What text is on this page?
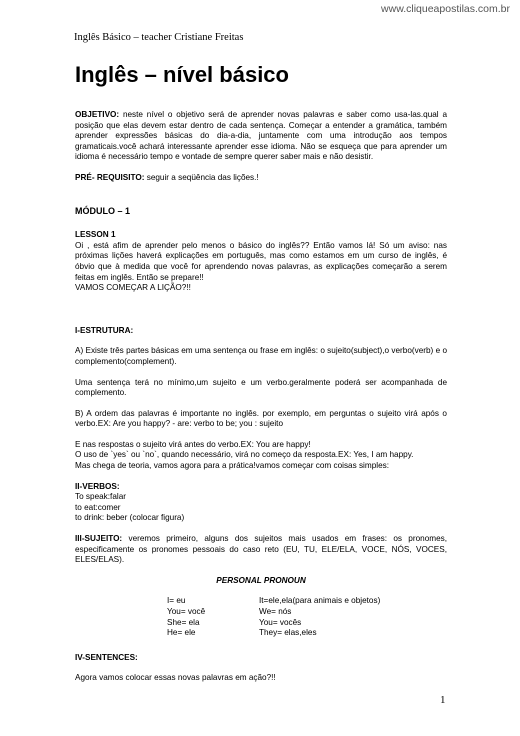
www.cliqueapostilas.com.br
Inglês Básico – teacher Cristiane Freitas
Inglês – nível básico

OBJETIVO: neste nível o objetivo será de aprender novas palavras e saber como usa-las.qual a posição que elas devem estar dentro de cada sentença. Começar a entender a gramática, também aprender expressões básicas do dia-a-dia, juntamente com uma introdução aos tempos gramaticais.você achará interessante aprender esse idioma. Não se esqueça que para aprender um idioma é necessário tempo e vontade de sempre querer saber mais e não desistir.

PRÉ- REQUISITO: seguir a seqüência das lições.!

MÓDULO – 1

LESSON 1

Oi , está afim de aprender pelo menos o básico do inglês?? Então vamos lá! Só um aviso: nas próximas lições haverá explicações em português, mas como estamos em um curso de inglês, é óbvio que à medida que você for aprendendo novas palavras, as explicações começarão a serem feitas em inglês. Então se prepare!!

VAMOS COMEÇAR A LIÇÃO?!!

I-ESTRUTURA:

A) Existe três partes básicas em uma sentença ou frase em inglês: o sujeito(subject),o verbo(verb) e o complemento(complement).

Uma sentença terá no mínimo,um sujeito e um verbo.geralmente poderá ser acompanhada de complemento.

B) A ordem das palavras é importante no inglês. por exemplo, em perguntas o sujeito virá após o verbo.EX: Are you happy? - are: verbo to be; you : sujeito

E nas respostas o sujeito virá antes do verbo.EX: You are happy!

O uso de `yes` ou `no`, quando necessário, virá no começo da resposta.EX: Yes, I am happy.

Mas chega de teoria, vamos agora para a prática!vamos começar com coisas simples:

II-VERBOS:

To speak:falar

to eat:comer

to drink: beber (colocar figura)

III-SUJEITO: veremos primeiro, alguns dos sujeitos mais usados em frases: os pronomes, especificamente os pronomes pessoais do caso reto (EU, TU, ELE/ELA, VOCE, NÓS, VOCES, ELES/ELAS).

PERSONAL PRONOUN

I= eu	It=ele,ela(para animais e objetos)
You= você	We= nós
She= ela	You= vocês
He= ele	They= elas,eles

IV-SENTENCES:

Agora vamos colocar essas novas palavras em ação?!!

1
